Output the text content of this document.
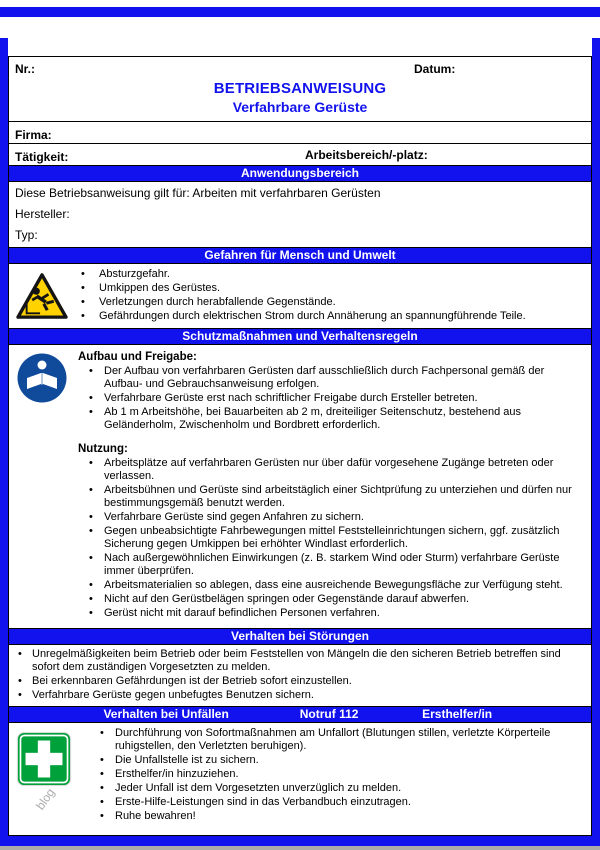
Nr.:	Datum:
BETRIEBSANWEISUNG
Verfahrbare Gerüste
Firma:
Tätigkeit:	Arbeitsbereich/-platz:
Anwendungsbereich
Diese Betriebsanweisung gilt für: Arbeiten mit verfahrbaren Gerüsten
Hersteller:
Typ:
Gefahren für Mensch und Umwelt
• Absturzgefahr.
• Umkippen des Gerüstes.
• Verletzungen durch herabfallende Gegenstände.
• Gefährdungen durch elektrischen Strom durch Annäherung an spannungführende Teile.
Schutzmaßnahmen und Verhaltensregeln
Aufbau und Freigabe:
• Der Aufbau von verfahrbaren Gerüsten darf ausschließlich durch Fachpersonal gemäß der Aufbau- und Gebrauchsanweisung erfolgen.
• Verfahrbare Gerüste erst nach schriftlicher Freigabe durch Ersteller betreten.
• Ab 1 m Arbeitshöhe, bei Bauarbeiten ab 2 m, dreiteiliger Seitenschutz, bestehend aus Geländerholm, Zwischenholm und Bordbrett erforderlich.
Nutzung:
• Arbeitsplätze auf verfahrbaren Gerüsten nur über dafür vorgesehene Zugänge betreten oder verlassen.
• Arbeitsbühnen und Gerüste sind arbeitstäglich einer Sichtprüfung zu unterziehen und dürfen nur bestimmungsgemäß benutzt werden.
• Verfahrbare Gerüste sind gegen Anfahren zu sichern.
• Gegen unbeabsichtigte Fahrbewegungen mittel Feststelleinrichtungen sichern, ggf. zusätzlich Sicherung gegen Umkippen bei erhöhter Windlast erforderlich.
• Nach außergewöhnlichen Einwirkungen (z. B. starkem Wind oder Sturm) verfahrbare Gerüste immer überprüfen.
• Arbeitsmaterialien so ablegen, dass eine ausreichende Bewegungsfläche zur Verfügung steht.
• Nicht auf den Gerüstbelägen springen oder Gegenstände darauf abwerfen.
• Gerüst nicht mit darauf befindlichen Personen verfahren.
Verhalten bei Störungen
• Unregelmäßigkeiten beim Betrieb oder beim Feststellen von Mängeln die den sicheren Betrieb betreffen sind sofort dem zuständigen Vorgesetzten zu melden.
• Bei erkennbaren Gefährdungen ist der Betrieb sofort einzustellen.
• Verfahrbare Gerüste gegen unbefugtes Benutzen sichern.
Verhalten bei Unfällen	Notruf 112	Ersthelfer/in
• Durchführung von Sofortmaßnahmen am Unfallort (Blutungen stillen, verletzte Körperteile ruhigstellen, den Verletzten beruhigen).
• Die Unfallstelle ist zu sichern.
• Ersthelfer/in hinzuziehen.
• Jeder Unfall ist dem Vorgesetzten unverzüglich zu melden.
• Erste-Hilfe-Leistungen sind in das Verbandbuch einzutragen.
• Ruhe bewahren!
blog
